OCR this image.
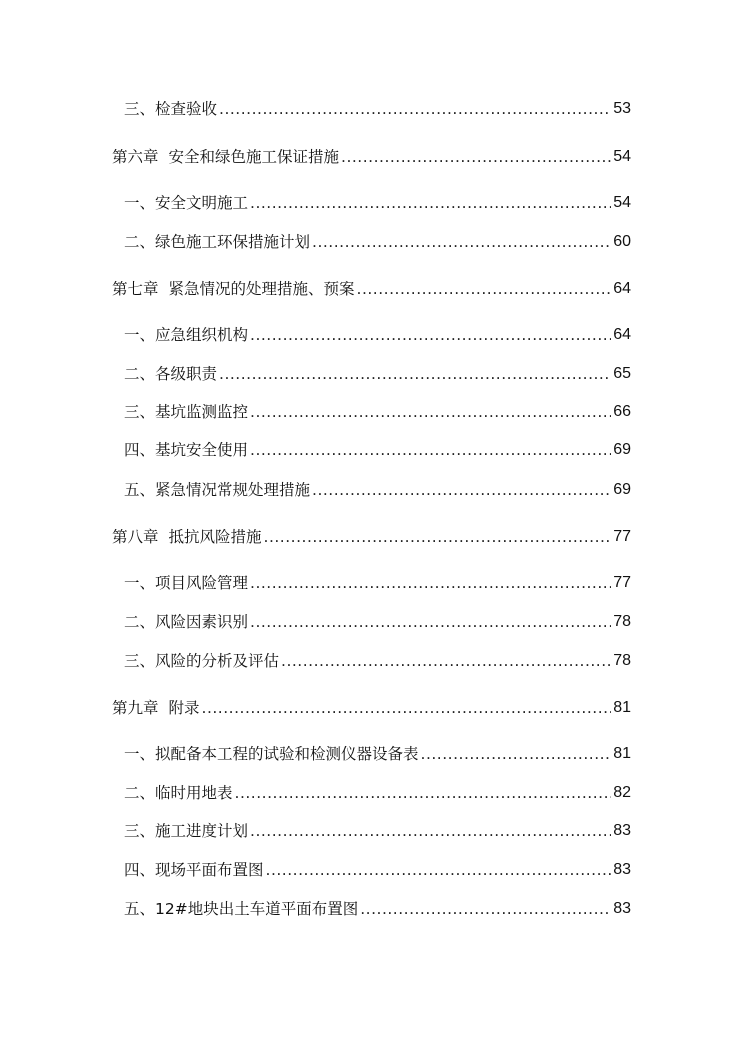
三、 检查验收 .....	53
第六章 安全和绿色施工保证措施 .....	54
一、 安全文明施工 .....	54
二、 绿色施工环保措施计划 .....	60
第七章 紧急情况的处理措施、预案 .....	64
一、 应急组织机构 .....	64
二、 各级职责 .....	65
三、 基坑监测监控 .....	66
四、 基坑安全使用 .....	69
五、 紧急情况常规处理措施 .....	69
第八章 抵抗风险措施 .....	77
一、 项目风险管理 .....	77
二、 风险因素识别 .....	78
三、 风险的分析及评估 .....	78
第九章 附录 .....	81
一、 拟配备本工程的试验和检测仪器设备表 .....	81
二、 临时用地表 .....	82
三、 施工进度计划 .....	83
四、 现场平面布置图 .....	83
五、 12#地块出土车道平面布置图 .....	83
